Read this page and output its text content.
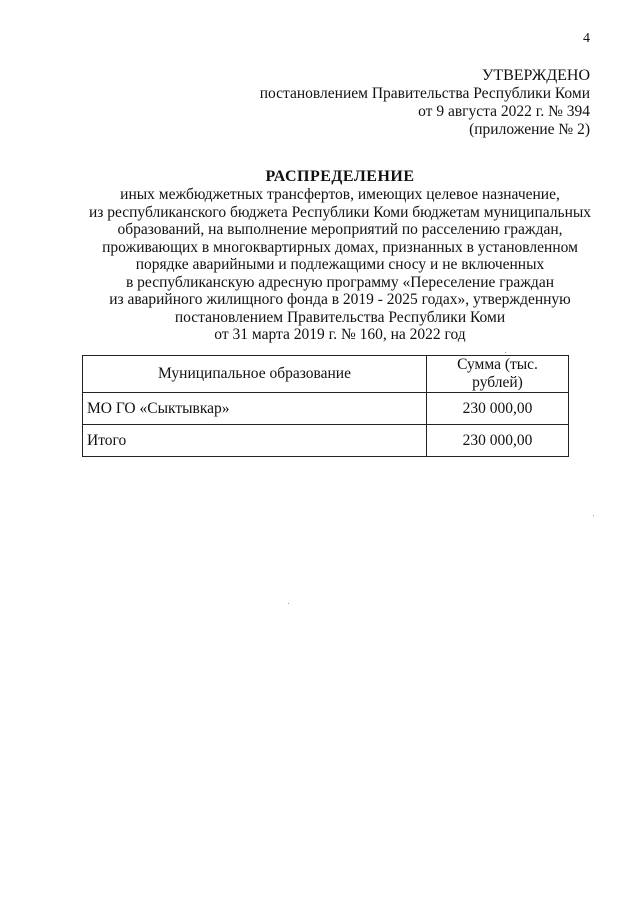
4
УТВЕРЖДЕНО
постановлением Правительства Республики Коми
от 9 августа 2022 г. № 394
(приложение № 2)
РАСПРЕДЕЛЕНИЕ
иных межбюджетных трансфертов, имеющих целевое назначение,
из республиканского бюджета Республики Коми бюджетам муниципальных
образований, на выполнение мероприятий по расселению граждан,
проживающих в многоквартирных домах, признанных в установленном
порядке аварийными и подлежащими сносу и не включенных
в республиканскую адресную программу «Переселение граждан
из аварийного жилищного фонда в 2019 - 2025 годах», утвержденную
постановлением Правительства Республики Коми
от 31 марта 2019 г. № 160, на 2022 год
Муниципальное образование	Сумма (тыс. рублей)
МО ГО «Сыктывкар»	230 000,00
Итого	230 000,00
